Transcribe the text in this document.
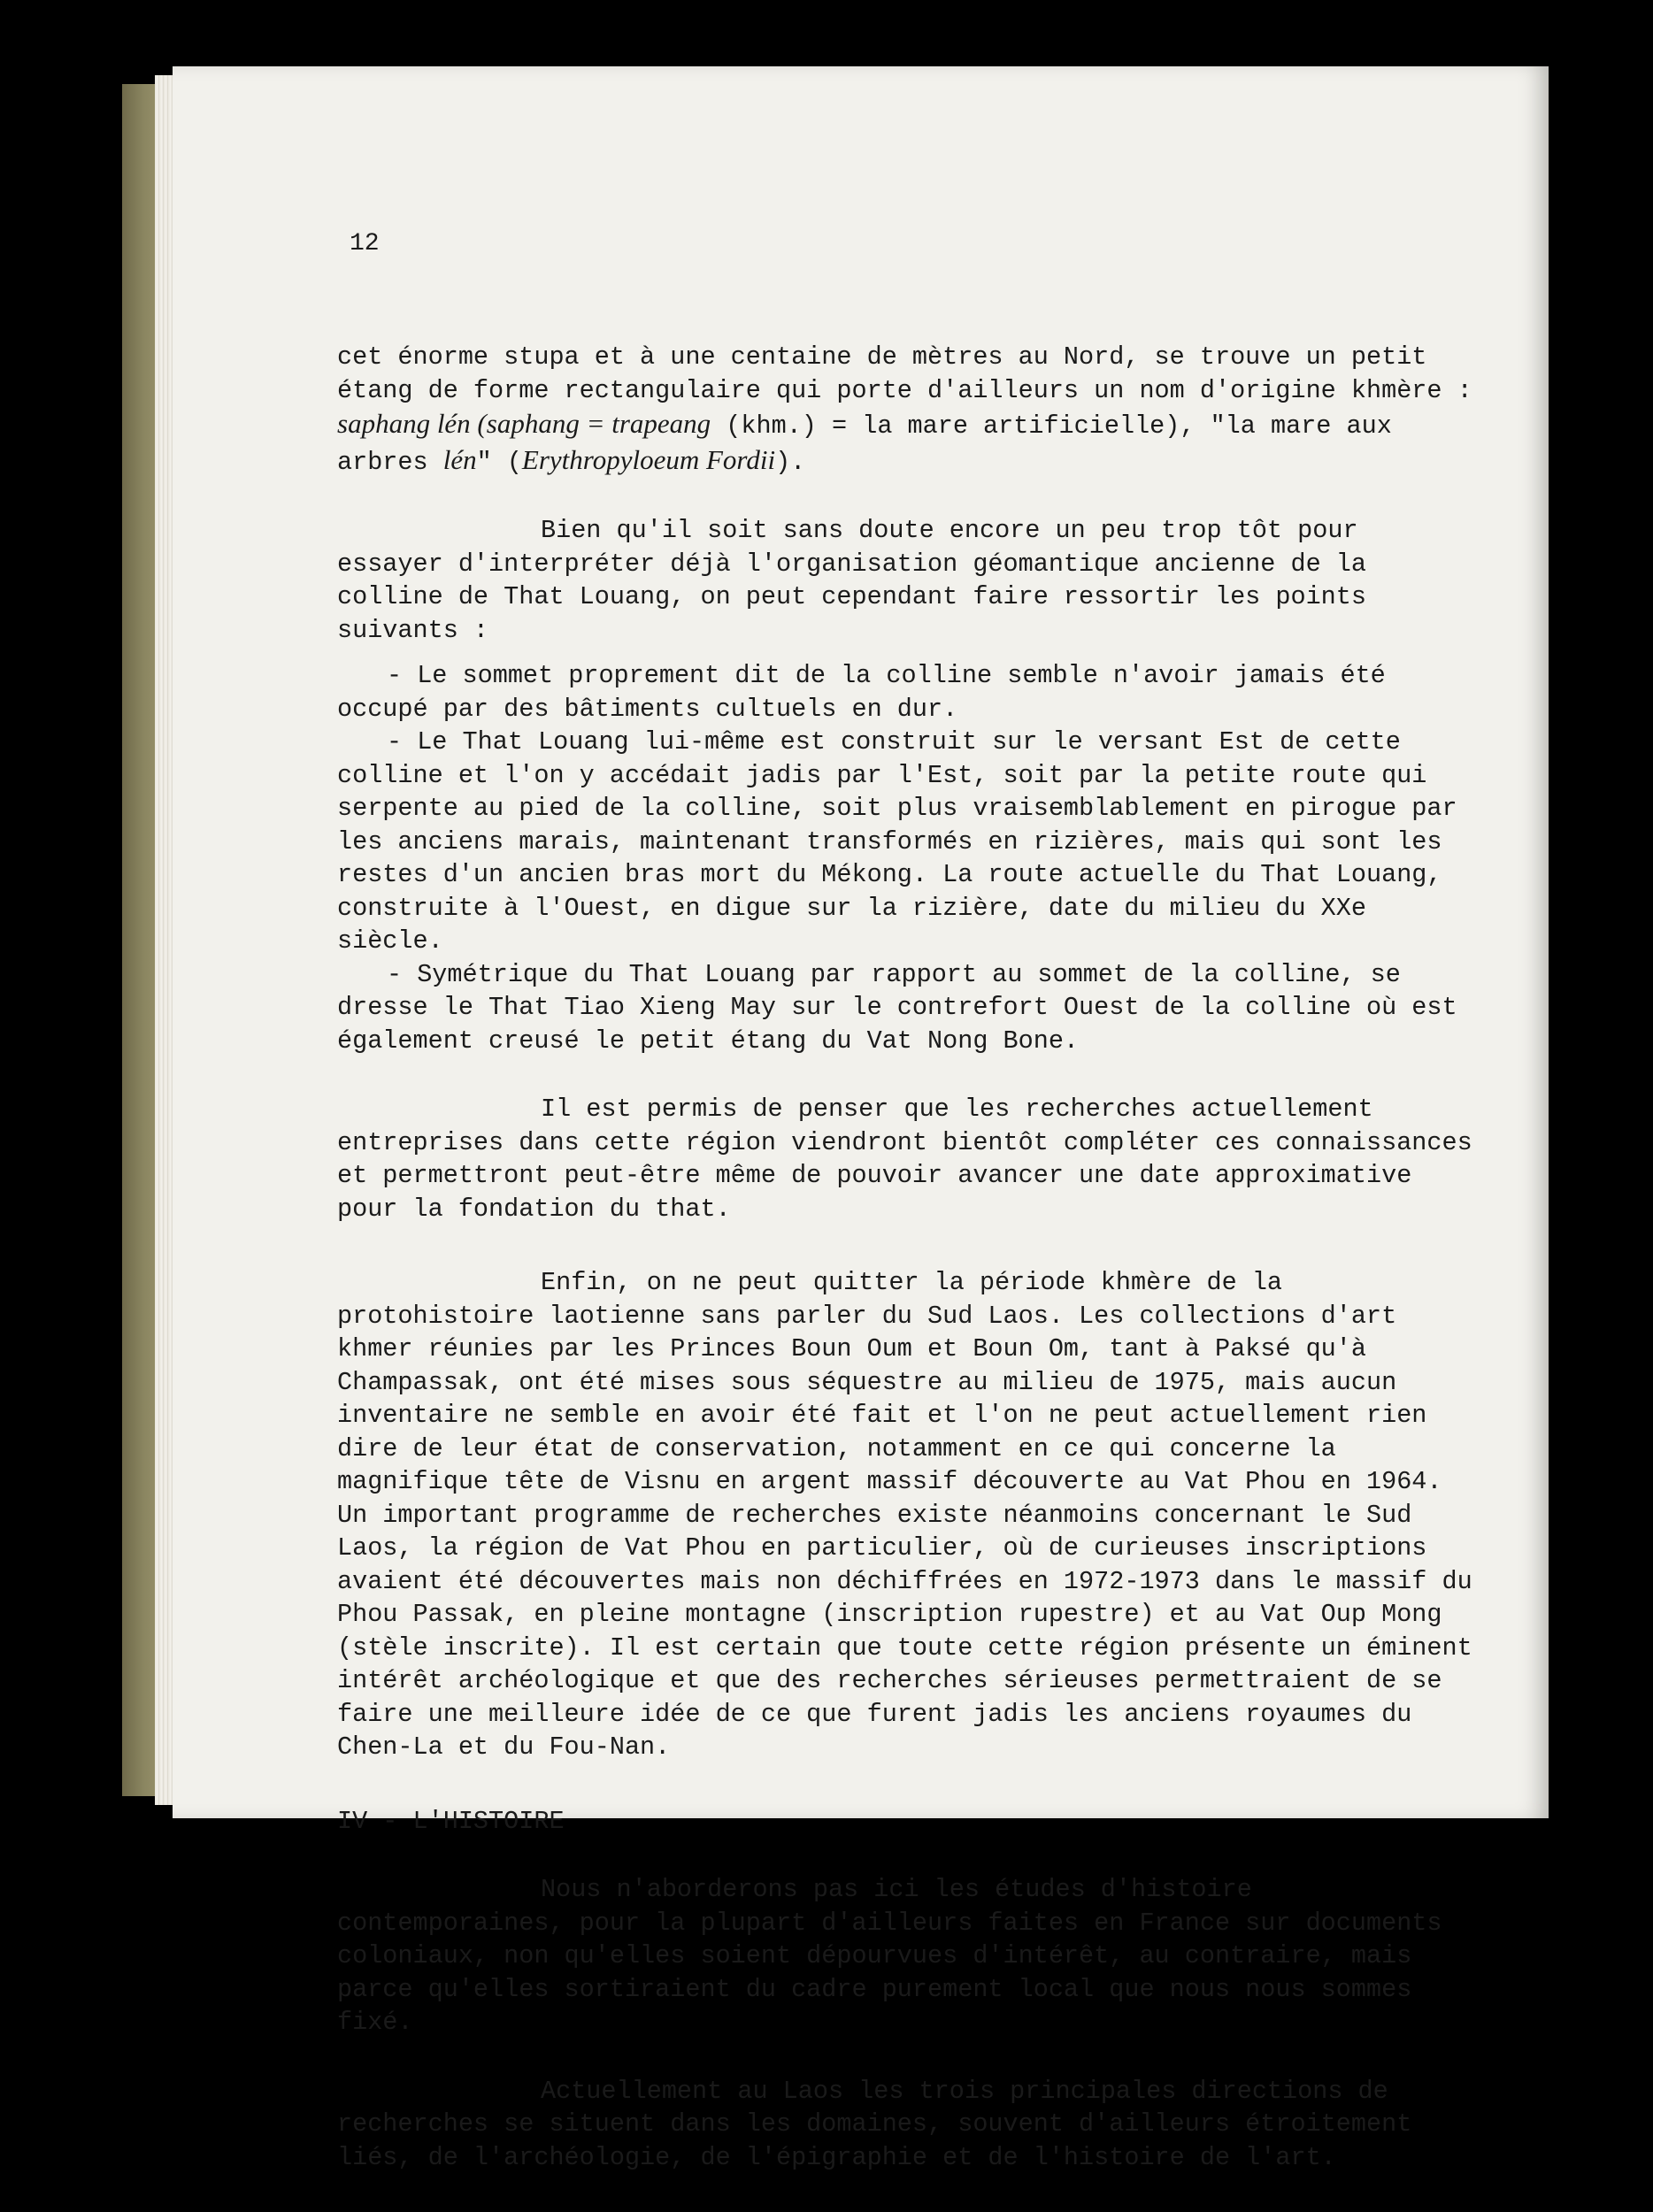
12

cet énorme stupa et à une centaine de mètres au Nord, se trouve un petit étang de forme rectangulaire qui porte d'ailleurs un nom d'origine khmère : saphang lén (saphang = trapeang (khm.) = la mare artificielle), "la mare aux arbres lén" (Erythropyloeum Fordii).

Bien qu'il soit sans doute encore un peu trop tôt pour essayer d'interpréter déjà l'organisation géomantique ancienne de la colline de That Louang, on peut cependant faire ressortir les points suivants :

- Le sommet proprement dit de la colline semble n'avoir jamais été occupé par des bâtiments cultuels en dur.

- Le That Louang lui-même est construit sur le versant Est de cette colline et l'on y accédait jadis par l'Est, soit par la petite route qui serpente au pied de la colline, soit plus vraisemblablement en pirogue par les anciens marais, maintenant transformés en rizières, mais qui sont les restes d'un ancien bras mort du Mékong. La route actuelle du That Louang, construite à l'Ouest, en digue sur la rizière, date du milieu du XXe siècle.

- Symétrique du That Louang par rapport au sommet de la colline, se dresse le That Tiao Xieng May sur le contrefort Ouest de la colline où est également creusé le petit étang du Vat Nong Bone.

Il est permis de penser que les recherches actuellement entreprises dans cette région viendront bientôt compléter ces connaissances et permettront peut-être même de pouvoir avancer une date approximative pour la fondation du that.

Enfin, on ne peut quitter la période khmère de la protohistoire laotienne sans parler du Sud Laos. Les collections d'art khmer réunies par les Princes Boun Oum et Boun Om, tant à Paksé qu'à Champassak, ont été mises sous séquestre au milieu de 1975, mais aucun inventaire ne semble en avoir été fait et l'on ne peut actuellement rien dire de leur état de conservation, notamment en ce qui concerne la magnifique tête de Visnu en argent massif découverte au Vat Phou en 1964. Un important programme de recherches existe néanmoins concernant le Sud Laos, la région de Vat Phou en particulier, où de curieuses inscriptions avaient été découvertes mais non déchiffrées en 1972-1973 dans le massif du Phou Passak, en pleine montagne (inscription rupestre) et au Vat Oup Mong (stèle inscrite). Il est certain que toute cette région présente un éminent intérêt archéologique et que des recherches sérieuses permettraient de se faire une meilleure idée de ce que furent jadis les anciens royaumes du Chen-La et du Fou-Nan.

IV - L'HISTOIRE

Nous n'aborderons pas ici les études d'histoire contemporaines, pour la plupart d'ailleurs faites en France sur documents coloniaux, non qu'elles soient dépourvues d'intérêt, au contraire, mais parce qu'elles sortiraient du cadre purement local que nous nous sommes fixé.

Actuellement au Laos les trois principales directions de recherches se situent dans les domaines, souvent d'ailleurs étroitement liés, de l'archéologie, de l'épigraphie et de l'histoire de l'art.
